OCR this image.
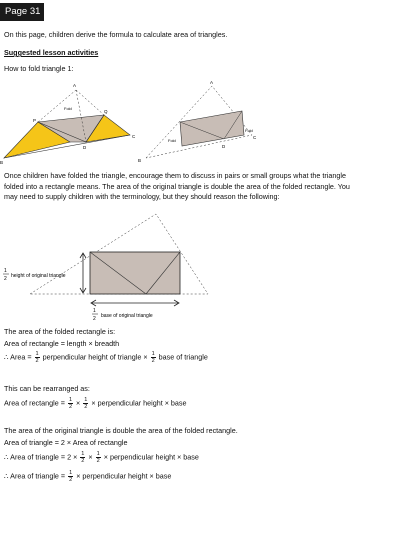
Page 31
On this page, children derive the formula to calculate area of triangles.
Suggested lesson activities
How to fold triangle 1:
A
B
C
D
P
Q
Fold
A
B
C
D
Fold
Fold
Once children have folded the triangle, encourage them to discuss in pairs or small groups what the triangle folded into a rectangle means. The area of the original triangle is double the area of the folded rectangle. You may need to supply children with the terminology, but they should reason the following:
1
2 height of original triangle
1
2 base of original triangle
The area of the folded rectangle is:
Area of rectangle = length × breadth
∴ Area = $\frac{1}{2}$ perpendicular height of triangle × $\frac{1}{2}$ base of triangle
This can be rearranged as:
Area of rectangle = $\frac{1}{2} \times \frac{1}{2}$ × perpendicular height × base
The area of the original triangle is double the area of the folded rectangle.
Area of triangle = 2 × Area of rectangle
∴ Area of triangle = $2 \times \frac{1}{2} \times \frac{1}{2}$ × perpendicular height × base
∴ Area of triangle = $\frac{1}{2}$ × perpendicular height × base
